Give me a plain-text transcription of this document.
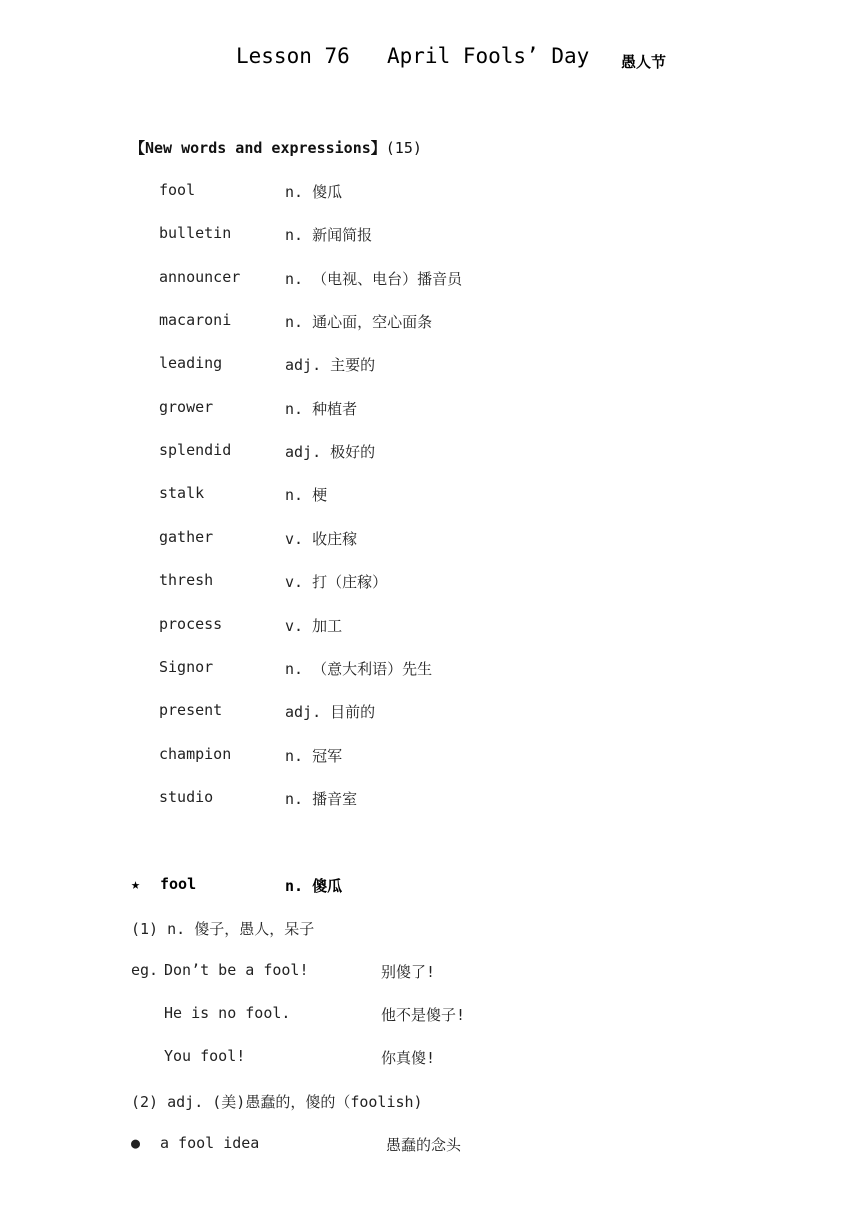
Lesson 76 April Fools’ Day 愚人节
【New words and expressions】(15)
fool	n. 傻瓜
bulletin	n. 新闻简报
announcer	n. （电视、电台）播音员
macaroni	n. 通心面，空心面条
leading	adj. 主要的
grower	n. 种植者
splendid	adj. 极好的
stalk	n. 梗
gather	v. 收庄稼
thresh	v. 打（庄稼）
process	v. 加工
Signor	n. （意大利语）先生
present	adj. 目前的
champion	n. 冠军
studio	n. 播音室
★ fool	n. 傻瓜
(1) n. 傻子，愚人，呆子
eg. Don’t be a fool!	别傻了!
He is no fool.	他不是傻子!
You fool!	你真傻!
(2) adj. (美)愚蠢的，傻的（foolish)
● a fool idea	愚蠢的念头
